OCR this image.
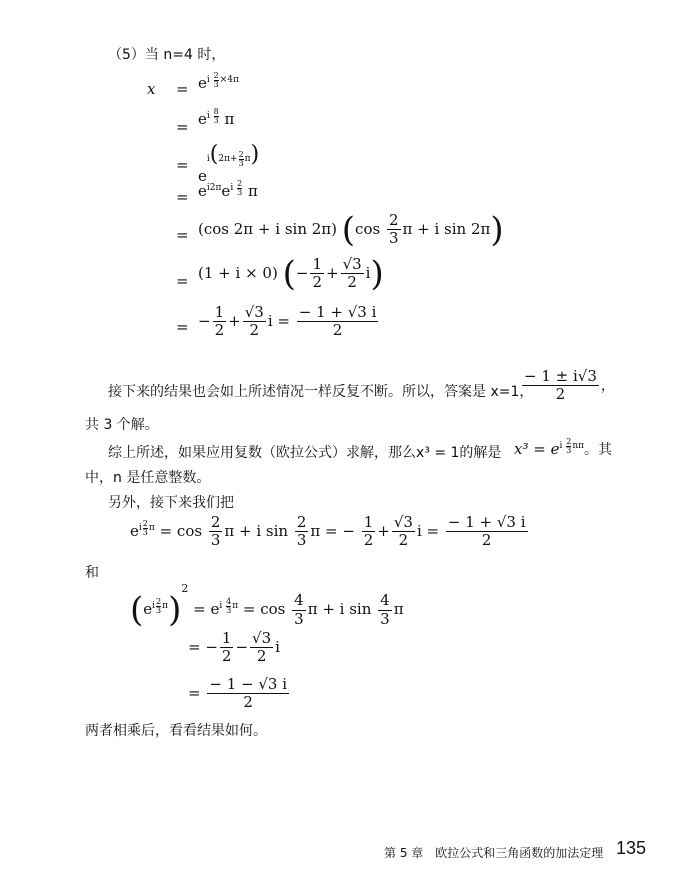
（5）当 n=4 时，
$x = e^{i \frac{2}{3} \times 4\pi}$
= $e^{i \frac{8}{3}}$ π
=
$e^{i(2\pi+ \frac{2}{3} \pi)}$
= $e^{i2\pi}e^{i \frac{2}{3}}$ π
= (cos 2π + i sin 2π) ($\cos \frac{2}{3}$ π + i sin 2π)
= (1 + i × 0) (− $\frac{1}{2} + \frac{√3}{2} i$)
= − $\frac{1}{2} + \frac{√3}{2}$ $i = \frac{- 1 + √3 i}{2}$
接下来的结果也会如上所述情况一样反复不断。所以，答案是 x=1，
$\frac{- 1 \pm i√3}{2}$ ，
共 3 个解。
综上所述，如果应用复数（欧拉公式）求解，那么x³ = 1的解是 $x^3 = e^{i \frac{2}{3} n\pi}$。其
中，n 是任意整数。
另外，接下来我们把
$e^{i \frac{2}{3} \pi} = \cos \frac{2}{3}$ π + i $\sin \frac{2}{3}$ π = − $\frac{1}{2} + \frac{√3}{2}$ $i = \frac{- 1 + √3 i}{2}$
和
$(e^{i \frac{2}{3} \pi})^2 = e^{i \frac{4}{3} \pi} = \cos \frac{4}{3}$ π + i $\sin \frac{4}{3}$ π
= − $\frac{1}{2} - \frac{√3}{2}$ i
= $\frac{- 1 - √3 i}{2}$
两者相乘后，看看结果如何。
第 5 章　欧拉公式和三角函数的加法定理 135
